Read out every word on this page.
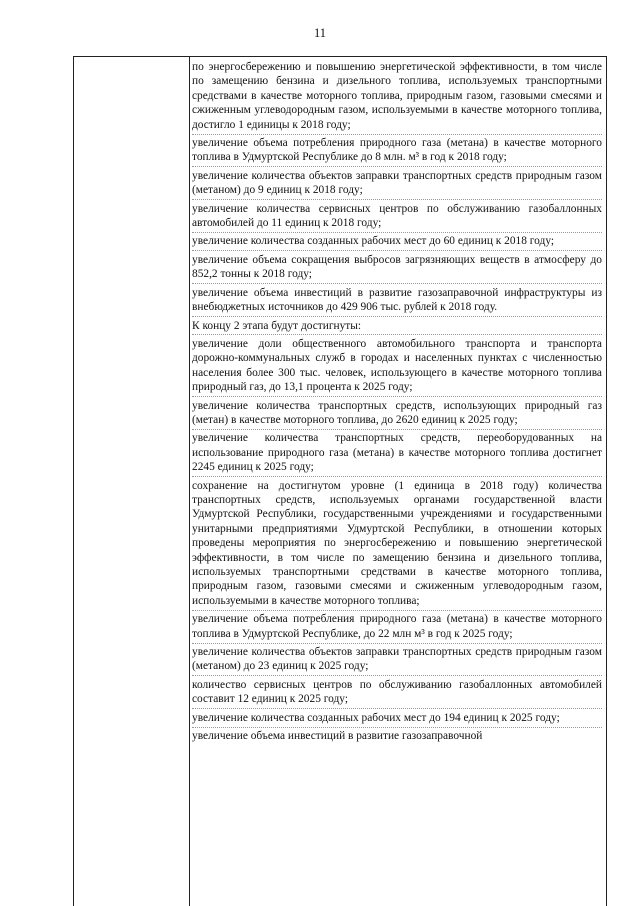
11

по энергосбережению и повышению энергетической эффективности, в том числе по замещению бензина и дизельного топлива, используемых транспортными средствами в качестве моторного топлива, природным газом, газовыми смесями и сжиженным углеводородным газом, используемыми в качестве моторного топлива, достигло 1 единицы к 2018 году;

увеличение объема потребления природного газа (метана) в качестве моторного топлива в Удмуртской Республике до 8 млн. м³ в год к 2018 году;

увеличение количества объектов заправки транспортных средств природным газом (метаном) до 9 единиц к 2018 году;

увеличение количества сервисных центров по обслуживанию газобаллонных автомобилей до 11 единиц к 2018 году;

увеличение количества созданных рабочих мест до 60 единиц к 2018 году;

увеличение объема сокращения выбросов загрязняющих веществ в атмосферу до 852,2 тонны к 2018 году;

увеличение объема инвестиций в развитие газозаправочной инфраструктуры из внебюджетных источников до 429 906 тыс. рублей к 2018 году.

К концу 2 этапа будут достигнуты:

увеличение доли общественного автомобильного транспорта и транспорта дорожно-коммунальных служб в городах и населенных пунктах с численностью населения более 300 тыс. человек, использующего в качестве моторного топлива природный газ, до 13,1 процента к 2025 году;

увеличение количества транспортных средств, использующих природный газ (метан) в качестве моторного топлива, до 2620 единиц к 2025 году;

увеличение количества транспортных средств, переоборудованных на использование природного газа (метана) в качестве моторного топлива достигнет 2245 единиц к 2025 году;

сохранение на достигнутом уровне (1 единица в 2018 году) количества транспортных средств, используемых органами государственной власти Удмуртской Республики, государственными учреждениями и государственными унитарными предприятиями Удмуртской Республики, в отношении которых проведены мероприятия по энергосбережению и повышению энергетической эффективности, в том числе по замещению бензина и дизельного топлива, используемых транспортными средствами в качестве моторного топлива, природным газом, газовыми смесями и сжиженным углеводородным газом, используемыми в качестве моторного топлива;

увеличение объема потребления природного газа (метана) в качестве моторного топлива в Удмуртской Республике, до 22 млн м³ в год к 2025 году;

увеличение количества объектов заправки транспортных средств природным газом (метаном) до 23 единиц к 2025 году;

количество сервисных центров по обслуживанию газобаллонных автомобилей составит 12 единиц к 2025 году;

увеличение количества созданных рабочих мест до 194 единиц к 2025 году;

увеличение объема инвестиций в развитие газозаправочной
